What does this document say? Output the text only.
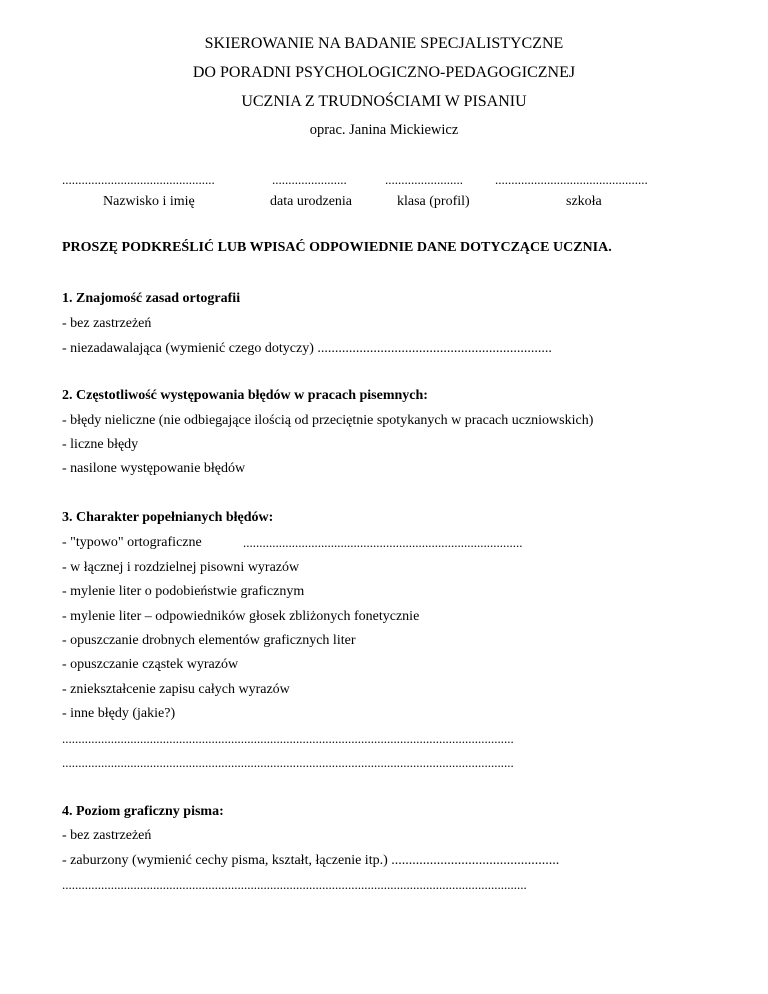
SKIEROWANIE NA BADANIE SPECJALISTYCZNE
DO PORADNI PSYCHOLOGICZNO-PEDAGOGICZNEJ
UCZNIA Z TRUDNOŚCIAMI W PISANIU
oprac. Janina Mickiewicz
...............................................	.......................	........................ ...............................................
Nazwisko i imię	data urodzenia	klasa (profil)	szkoła
PROSZĘ PODKREŚLIĆ LUB WPISAĆ ODPOWIEDNIE DANE DOTYCZĄCE UCZNIA.
1. Znajomość zasad ortografii
- bez zastrzeżeń
- niezadawalająca (wymienić czego dotyczy) ...................................................................
2. Częstotliwość występowania błędów w pracach pisemnych:
- błędy nieliczne (nie odbiegające ilością od przeciętnie spotykanych w pracach uczniowskich)
- liczne błędy
- nasilone występowanie błędów
3. Charakter popełnianych błędów:
- "typowo" ortograficzne	......................................................................................
- w łącznej i rozdzielnej pisowni wyrazów
- mylenie liter o podobieństwie graficznym
- mylenie liter – odpowiedników głosek zbliżonych fonetycznie
- opuszczanie drobnych elementów graficznych liter
- opuszczanie cząstek wyrazów
- zniekształcenie zapisu całych wyrazów
- inne błędy (jakie?)
...........................................................................................................................................
...........................................................................................................................................
4. Poziom graficzny pisma:
- bez zastrzeżeń
- zaburzony (wymienić cechy pisma, kształt, łączenie itp.) ................................................
...............................................................................................................................................
